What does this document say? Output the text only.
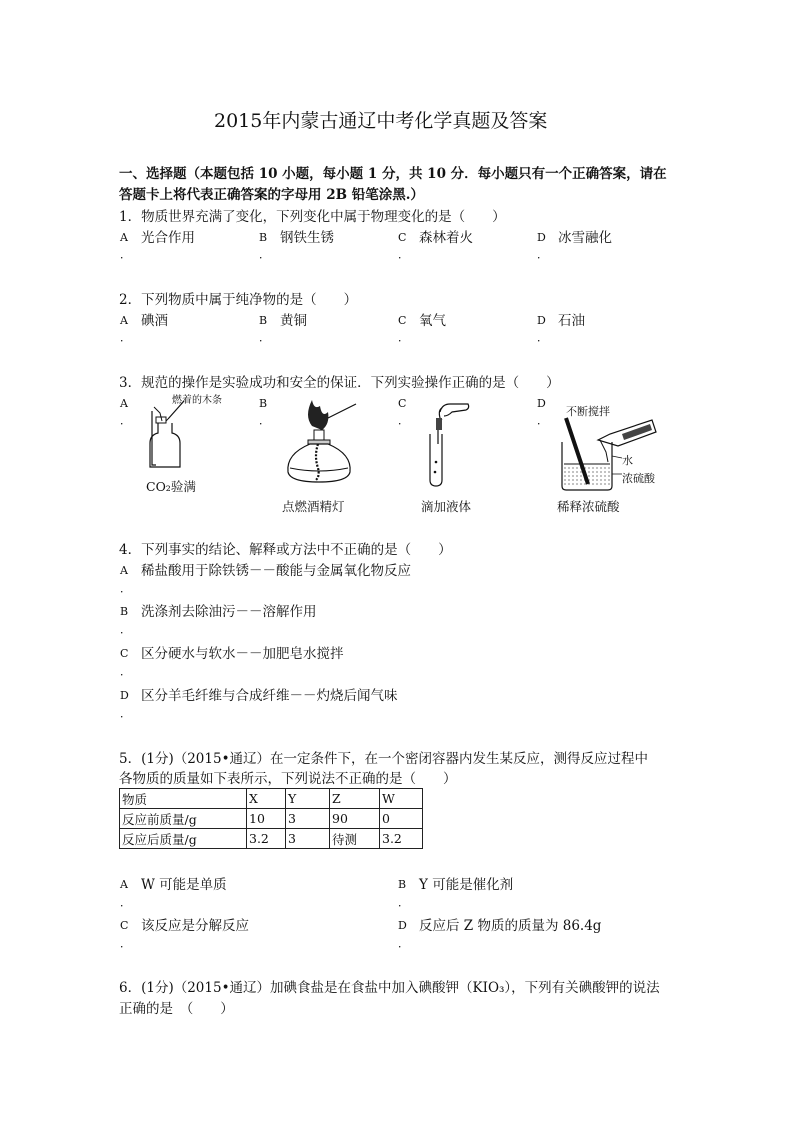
2015年内蒙古通辽中考化学真题及答案
一、选择题（本题包括 10 小题，每小题 1 分，共 10 分．每小题只有一个正确答案，请在
答题卡上将代表正确答案的字母用 2B 铅笔涂黑.）
1．物质世界充满了变化，下列变化中属于物理变化的是（　　）
A 光合作用
．
B 钢铁生锈
．
C 森林着火
．
D 冰雪融化
．
2．下列物质中属于纯净物的是（　　）
A 碘酒
．
B 黄铜
．
C 氧气
．
D 石油
．
3．规范的操作是实验成功和安全的保证．下列实验操作正确的是（　　）
A
．
燃着的木条
CO₂验满
B
．
点燃酒精灯
C
．
滴加液体
D
．
不断搅拌
水
浓硫酸
稀释浓硫酸
4．下列事实的结论、解释或方法中不正确的是（　　）
A 稀盐酸用于除铁锈－－酸能与金属氧化物反应
．
B 洗涤剂去除油污－－溶解作用
．
C 区分硬水与软水－－加肥皂水搅拌
．
D 区分羊毛纤维与合成纤维－－灼烧后闻气味
．
5．(1分)（2015•通辽）在一定条件下，在一个密闭容器内发生某反应，测得反应过程中
各物质的质量如下表所示，下列说法不正确的是（　　）
物质	X	Y	Z	W
反应前质量/g	10	3	90	0
反应后质量/g	3.2	3	待测	3.2
A W 可能是单质
．
B Y 可能是催化剂
．
C 该反应是分解反应
．
D 反应后 Z 物质的质量为 86.4g
．
6．(1分)（2015•通辽）加碘食盐是在食盐中加入碘酸钾（KIO₃），下列有关碘酸钾的说法
正确的是　（　　）
